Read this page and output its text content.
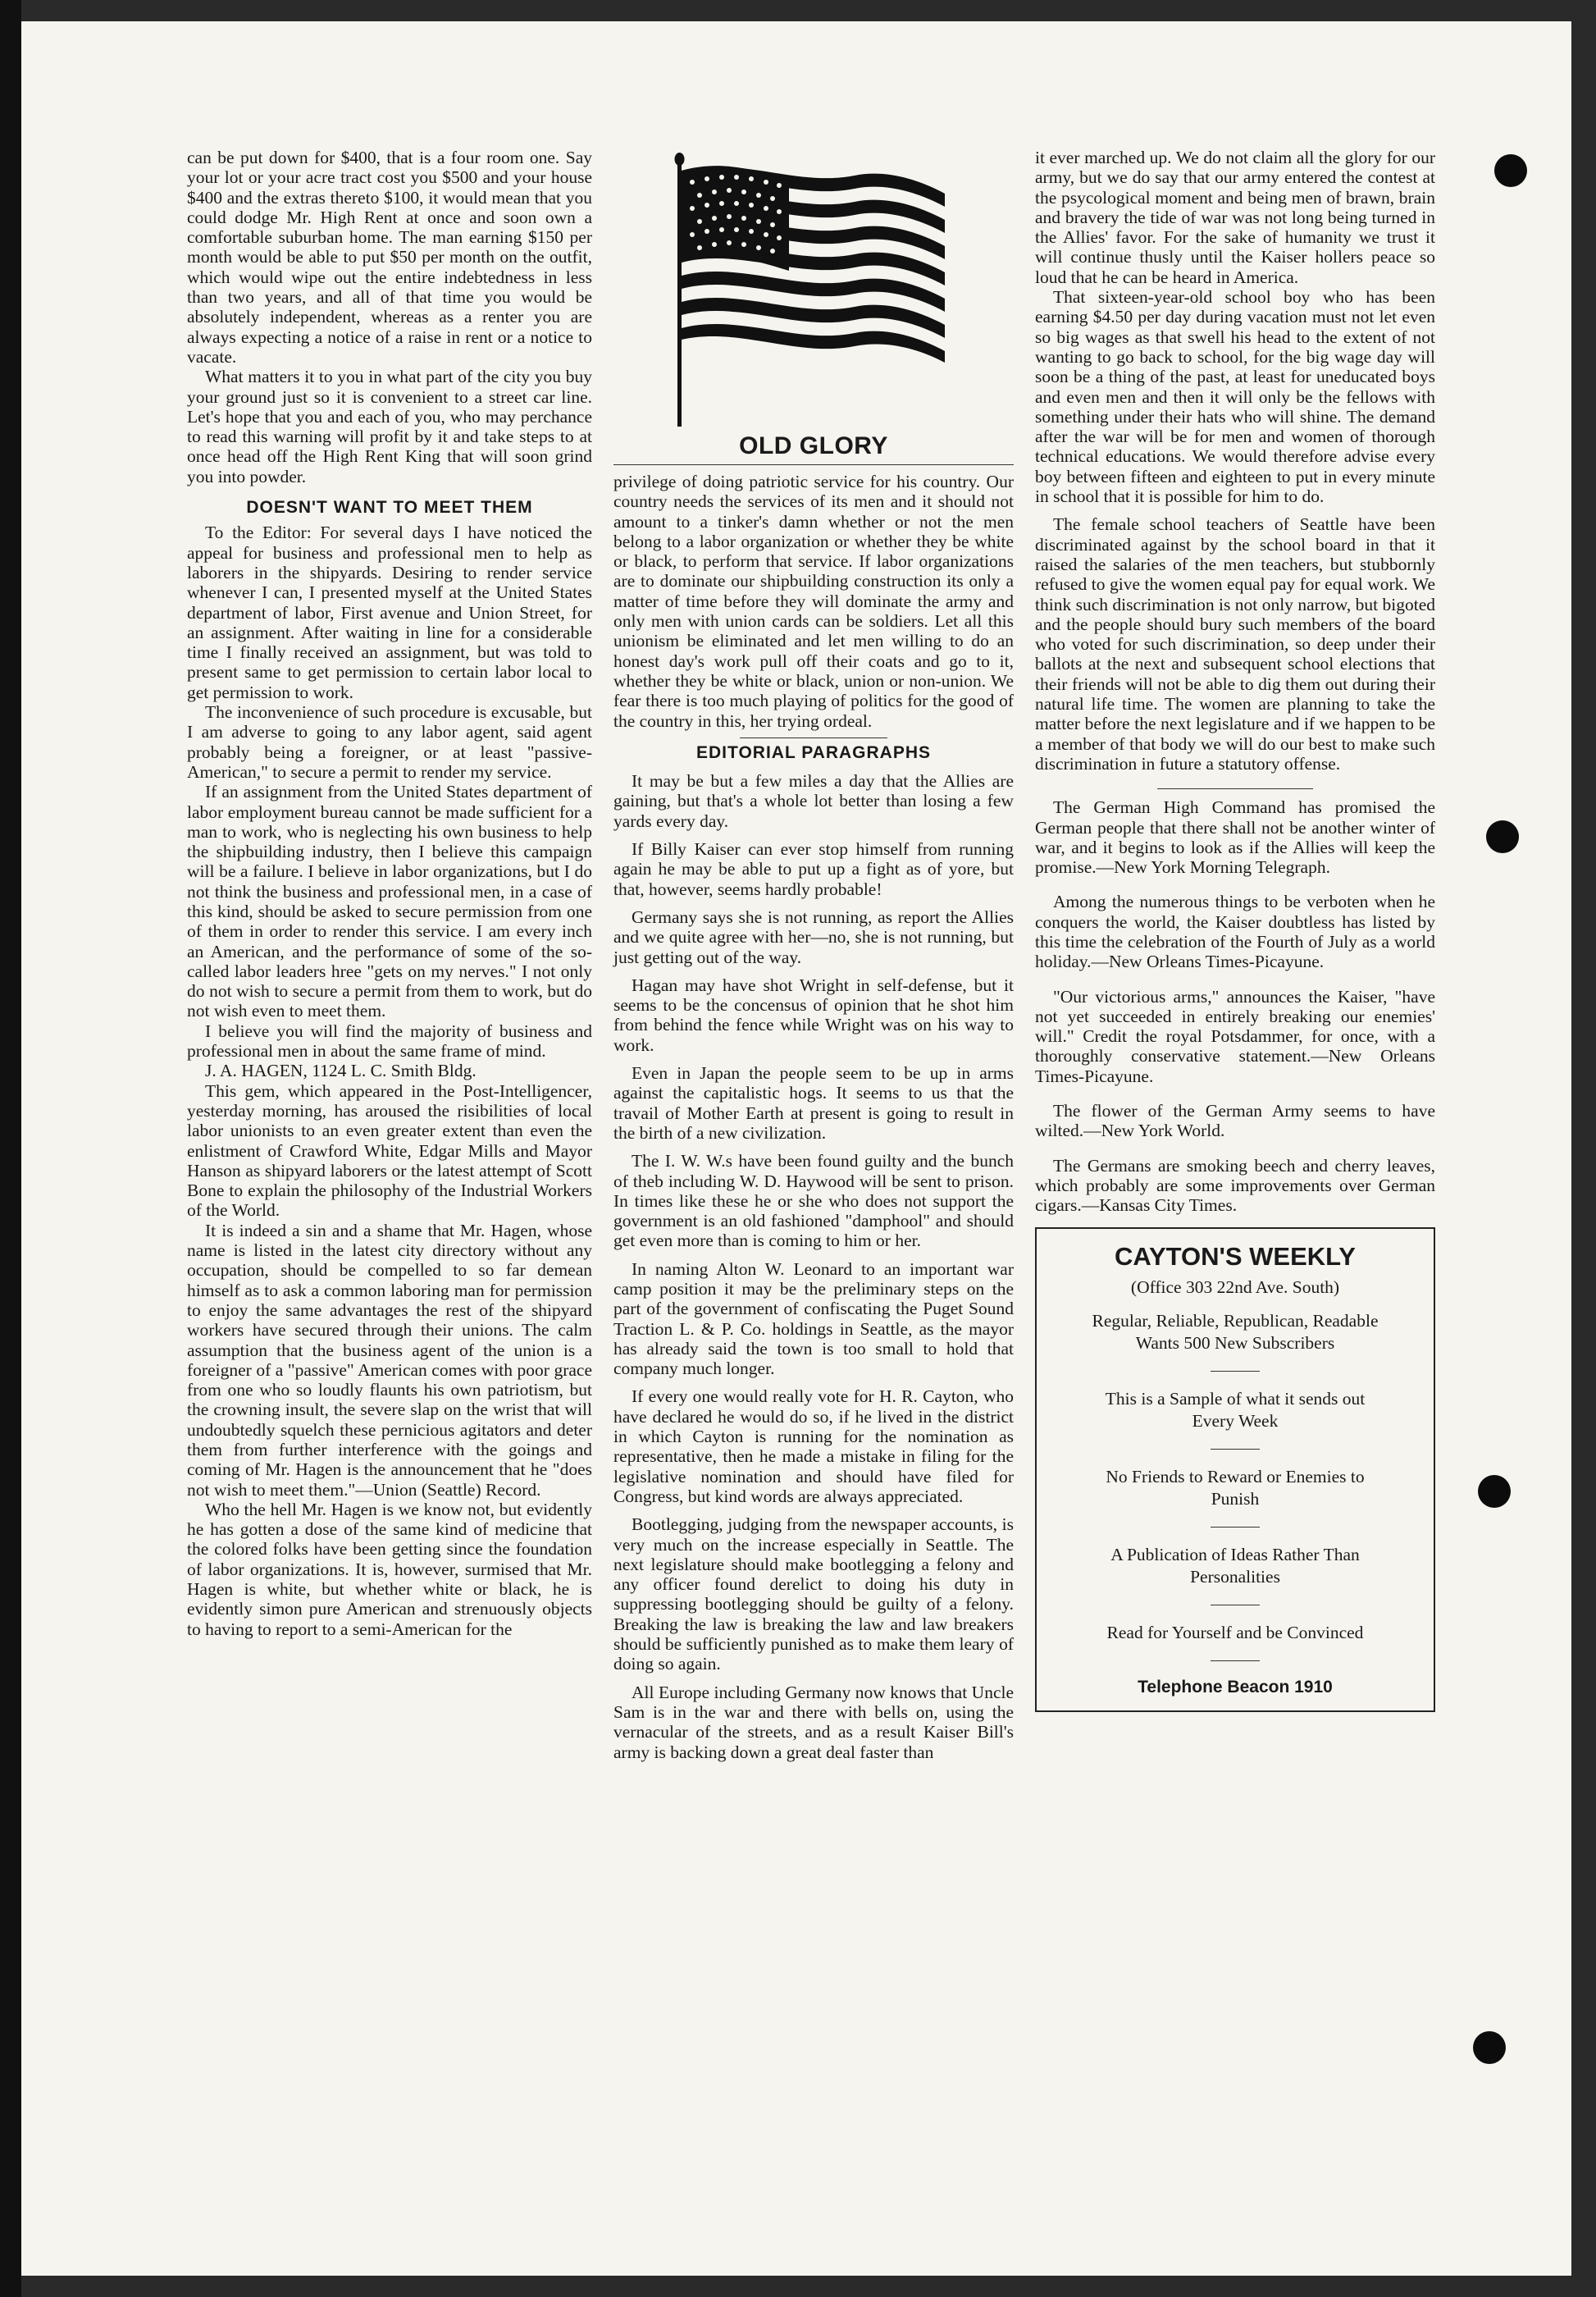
can be put down for $400, that is a four room one. Say your lot or your acre tract cost you $500 and your house $400 and the extras thereto $100, it would mean that you could dodge Mr. High Rent at once and soon own a comfortable suburban home. The man earning $150 per month would be able to put $50 per month on the outfit, which would wipe out the entire indebtedness in less than two years, and all of that time you would be absolutely independent, whereas as a renter you are always expecting a notice of a raise in rent or a notice to vacate.

What matters it to you in what part of the city you buy your ground just so it is convenient to a street car line. Let's hope that you and each of you, who may perchance to read this warning will profit by it and take steps to at once head off the High Rent King that will soon grind you into powder.

DOESN'T WANT TO MEET THEM

To the Editor: For several days I have noticed the appeal for business and professional men to help as laborers in the shipyards. Desiring to render service whenever I can, I presented myself at the United States department of labor, First avenue and Union Street, for an assignment. After waiting in line for a considerable time I finally received an assignment, but was told to present same to get permission to certain labor local to get permission to work.

The inconvenience of such procedure is excusable, but I am adverse to going to any labor agent, said agent probably being a foreigner, or at least "passive-American," to secure a permit to render my service.

If an assignment from the United States department of labor employment bureau cannot be made sufficient for a man to work, who is neglecting his own business to help the shipbuilding industry, then I believe this campaign will be a failure. I believe in labor organizations, but I do not think the business and professional men, in a case of this kind, should be asked to secure permission from one of them in order to render this service. I am every inch an American, and the performance of some of the so-called labor leaders hree "gets on my nerves." I not only do not wish to secure a permit from them to work, but do not wish even to meet them.

I believe you will find the majority of business and professional men in about the same frame of mind.

J. A. HAGEN, 1124 L. C. Smith Bldg.

This gem, which appeared in the Post-Intelligencer, yesterday morning, has aroused the risibilities of local labor unionists to an even greater extent than even the enlistment of Crawford White, Edgar Mills and Mayor Hanson as shipyard laborers or the latest attempt of Scott Bone to explain the philosophy of the Industrial Workers of the World.

It is indeed a sin and a shame that Mr. Hagen, whose name is listed in the latest city directory without any occupation, should be compelled to so far demean himself as to ask a common laboring man for permission to enjoy the same advantages the rest of the shipyard workers have secured through their unions. The calm assumption that the business agent of the union is a foreigner of a "passive" American comes with poor grace from one who so loudly flaunts his own patriotism, but the crowning insult, the severe slap on the wrist that will undoubtedly squelch these pernicious agitators and deter them from further interference with the goings and coming of Mr. Hagen is the announcement that he "does not wish to meet them."—Union (Seattle) Record.

Who the hell Mr. Hagen is we know not, but evidently he has gotten a dose of the same kind of medicine that the colored folks have been getting since the foundation of labor organizations. It is, however, surmised that Mr. Hagen is white, but whether white or black, he is evidently simon pure American and strenuously objects to having to report to a semi-American for the

OLD GLORY

privilege of doing patriotic service for his country. Our country needs the services of its men and it should not amount to a tinker's damn whether or not the men belong to a labor organization or whether they be white or black, to perform that service. If labor organizations are to dominate our shipbuilding construction its only a matter of time before they will dominate the army and only men with union cards can be soldiers. Let all this unionism be eliminated and let men willing to do an honest day's work pull off their coats and go to it, whether they be white or black, union or non-union. We fear there is too much playing of politics for the good of the country in this, her trying ordeal.

EDITORIAL PARAGRAPHS

It may be but a few miles a day that the Allies are gaining, but that's a whole lot better than losing a few yards every day.

If Billy Kaiser can ever stop himself from running again he may be able to put up a fight as of yore, but that, however, seems hardly probable!

Germany says she is not running, as report the Allies and we quite agree with her—no, she is not running, but just getting out of the way.

Hagan may have shot Wright in self-defense, but it seems to be the concensus of opinion that he shot him from behind the fence while Wright was on his way to work.

Even in Japan the people seem to be up in arms against the capitalistic hogs. It seems to us that the travail of Mother Earth at present is going to result in the birth of a new civilization.

The I. W. W.s have been found guilty and the bunch of theb including W. D. Haywood will be sent to prison. In times like these he or she who does not support the government is an old fashioned "damphool" and should get even more than is coming to him or her.

In naming Alton W. Leonard to an important war camp position it may be the preliminary steps on the part of the government of confiscating the Puget Sound Traction L. & P. Co. holdings in Seattle, as the mayor has already said the town is too small to hold that company much longer.

If every one would really vote for H. R. Cayton, who have declared he would do so, if he lived in the district in which Cayton is running for the nomination as representative, then he made a mistake in filing for the legislative nomination and should have filed for Congress, but kind words are always appreciated.

Bootlegging, judging from the newspaper accounts, is very much on the increase especially in Seattle. The next legislature should make bootlegging a felony and any officer found derelict to doing his duty in suppressing bootlegging should be guilty of a felony. Breaking the law is breaking the law and law breakers should be sufficiently punished as to make them leary of doing so again.

All Europe including Germany now knows that Uncle Sam is in the war and there with bells on, using the vernacular of the streets, and as a result Kaiser Bill's army is backing down a great deal faster than

it ever marched up. We do not claim all the glory for our army, but we do say that our army entered the contest at the psycological moment and being men of brawn, brain and bravery the tide of war was not long being turned in the Allies' favor. For the sake of humanity we trust it will continue thusly until the Kaiser hollers peace so loud that he can be heard in America.

That sixteen-year-old school boy who has been earning $4.50 per day during vacation must not let even so big wages as that swell his head to the extent of not wanting to go back to school, for the big wage day will soon be a thing of the past, at least for uneducated boys and even men and then it will only be the fellows with something under their hats who will shine. The demand after the war will be for men and women of thorough technical educations. We would therefore advise every boy between fifteen and eighteen to put in every minute in school that it is possible for him to do.

The female school teachers of Seattle have been discriminated against by the school board in that it raised the salaries of the men teachers, but stubbornly refused to give the women equal pay for equal work. We think such discrimination is not only narrow, but bigoted and the people should bury such members of the board who voted for such discrimination, so deep under their ballots at the next and subsequent school elections that their friends will not be able to dig them out during their natural life time. The women are planning to take the matter before the next legislature and if we happen to be a member of that body we will do our best to make such discrimination in future a statutory offense.

The German High Command has promised the German people that there shall not be another winter of war, and it begins to look as if the Allies will keep the promise.—New York Morning Telegraph.

Among the numerous things to be verboten when he conquers the world, the Kaiser doubtless has listed by this time the celebration of the Fourth of July as a world holiday.—New Orleans Times-Picayune.

"Our victorious arms," announces the Kaiser, "have not yet succeeded in entirely breaking our enemies' will." Credit the royal Potsdammer, for once, with a thoroughly conservative statement.—New Orleans Times-Picayune.

The flower of the German Army seems to have wilted.—New York World.

The Germans are smoking beech and cherry leaves, which probably are some improvements over German cigars.—Kansas City Times.

CAYTON'S WEEKLY
(Office 303 22nd Ave. South)
Regular, Reliable, Republican, Readable
Wants 500 New Subscribers
This is a Sample of what it sends out
Every Week
No Friends to Reward or Enemies to
Punish
A Publication of Ideas Rather Than
Personalities
Read for Yourself and be Convinced
Telephone Beacon 1910
